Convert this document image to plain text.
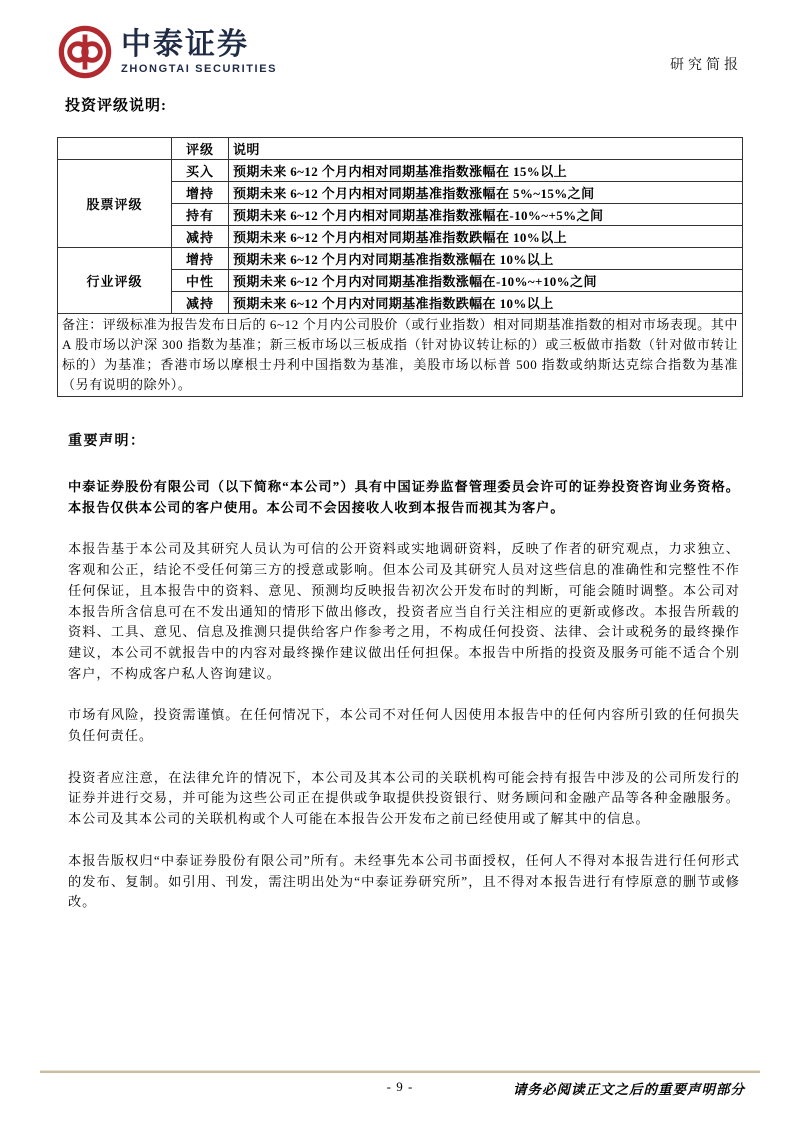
中泰证券
ZHONGTAI SECURITIES	研究简报
投资评级说明:
	评级	说明
股票评级	买入	预期未来 6~12 个月内相对同期基准指数涨幅在 15%以上
	增持	预期未来 6~12 个月内相对同期基准指数涨幅在 5%~15%之间
	持有	预期未来 6~12 个月内相对同期基准指数涨幅在-10%~+5%之间
	减持	预期未来 6~12 个月内相对同期基准指数跌幅在 10%以上
行业评级	增持	预期未来 6~12 个月内对同期基准指数涨幅在 10%以上
	中性	预期未来 6~12 个月内对同期基准指数涨幅在-10%~+10%之间
	减持	预期未来 6~12 个月内对同期基准指数跌幅在 10%以上
备注：评级标准为报告发布日后的 6~12 个月内公司股价（或行业指数）相对同期基准指数的相对市场表现。其中 A 股市场以沪深 300 指数为基准；新三板市场以三板成指（针对协议转让标的）或三板做市指数（针对做市转让标的）为基准；香港市场以摩根士丹利中国指数为基准，美股市场以标普 500 指数或纳斯达克综合指数为基准（另有说明的除外）。		
重要声明：

中泰证券股份有限公司（以下简称“本公司”）具有中国证券监督管理委员会许可的证券投资咨询业务资格。本报告仅供本公司的客户使用。本公司不会因接收人收到本报告而视其为客户。

本报告基于本公司及其研究人员认为可信的公开资料或实地调研资料，反映了作者的研究观点，力求独立、客观和公正，结论不受任何第三方的授意或影响。但本公司及其研究人员对这些信息的准确性和完整性不作任何保证，且本报告中的资料、意见、预测均反映报告初次公开发布时的判断，可能会随时调整。本公司对本报告所含信息可在不发出通知的情形下做出修改，投资者应当自行关注相应的更新或修改。本报告所载的资料、工具、意见、信息及推测只提供给客户作参考之用，不构成任何投资、法律、会计或税务的最终操作建议，本公司不就报告中的内容对最终操作建议做出任何担保。本报告中所指的投资及服务可能不适合个别客户，不构成客户私人咨询建议。

市场有风险，投资需谨慎。在任何情况下，本公司不对任何人因使用本报告中的任何内容所引致的任何损失负任何责任。

投资者应注意，在法律允许的情况下，本公司及其本公司的关联机构可能会持有报告中涉及的公司所发行的证券并进行交易，并可能为这些公司正在提供或争取提供投资银行、财务顾问和金融产品等各种金融服务。本公司及其本公司的关联机构或个人可能在本报告公开发布之前已经使用或了解其中的信息。

本报告版权归“中泰证券股份有限公司”所有。未经事先本公司书面授权，任何人不得对本报告进行任何形式的发布、复制。如引用、刊发，需注明出处为“中泰证券研究所”，且不得对本报告进行有悖原意的删节或修改。

- 9 -	请务必阅读正文之后的重要声明部分
